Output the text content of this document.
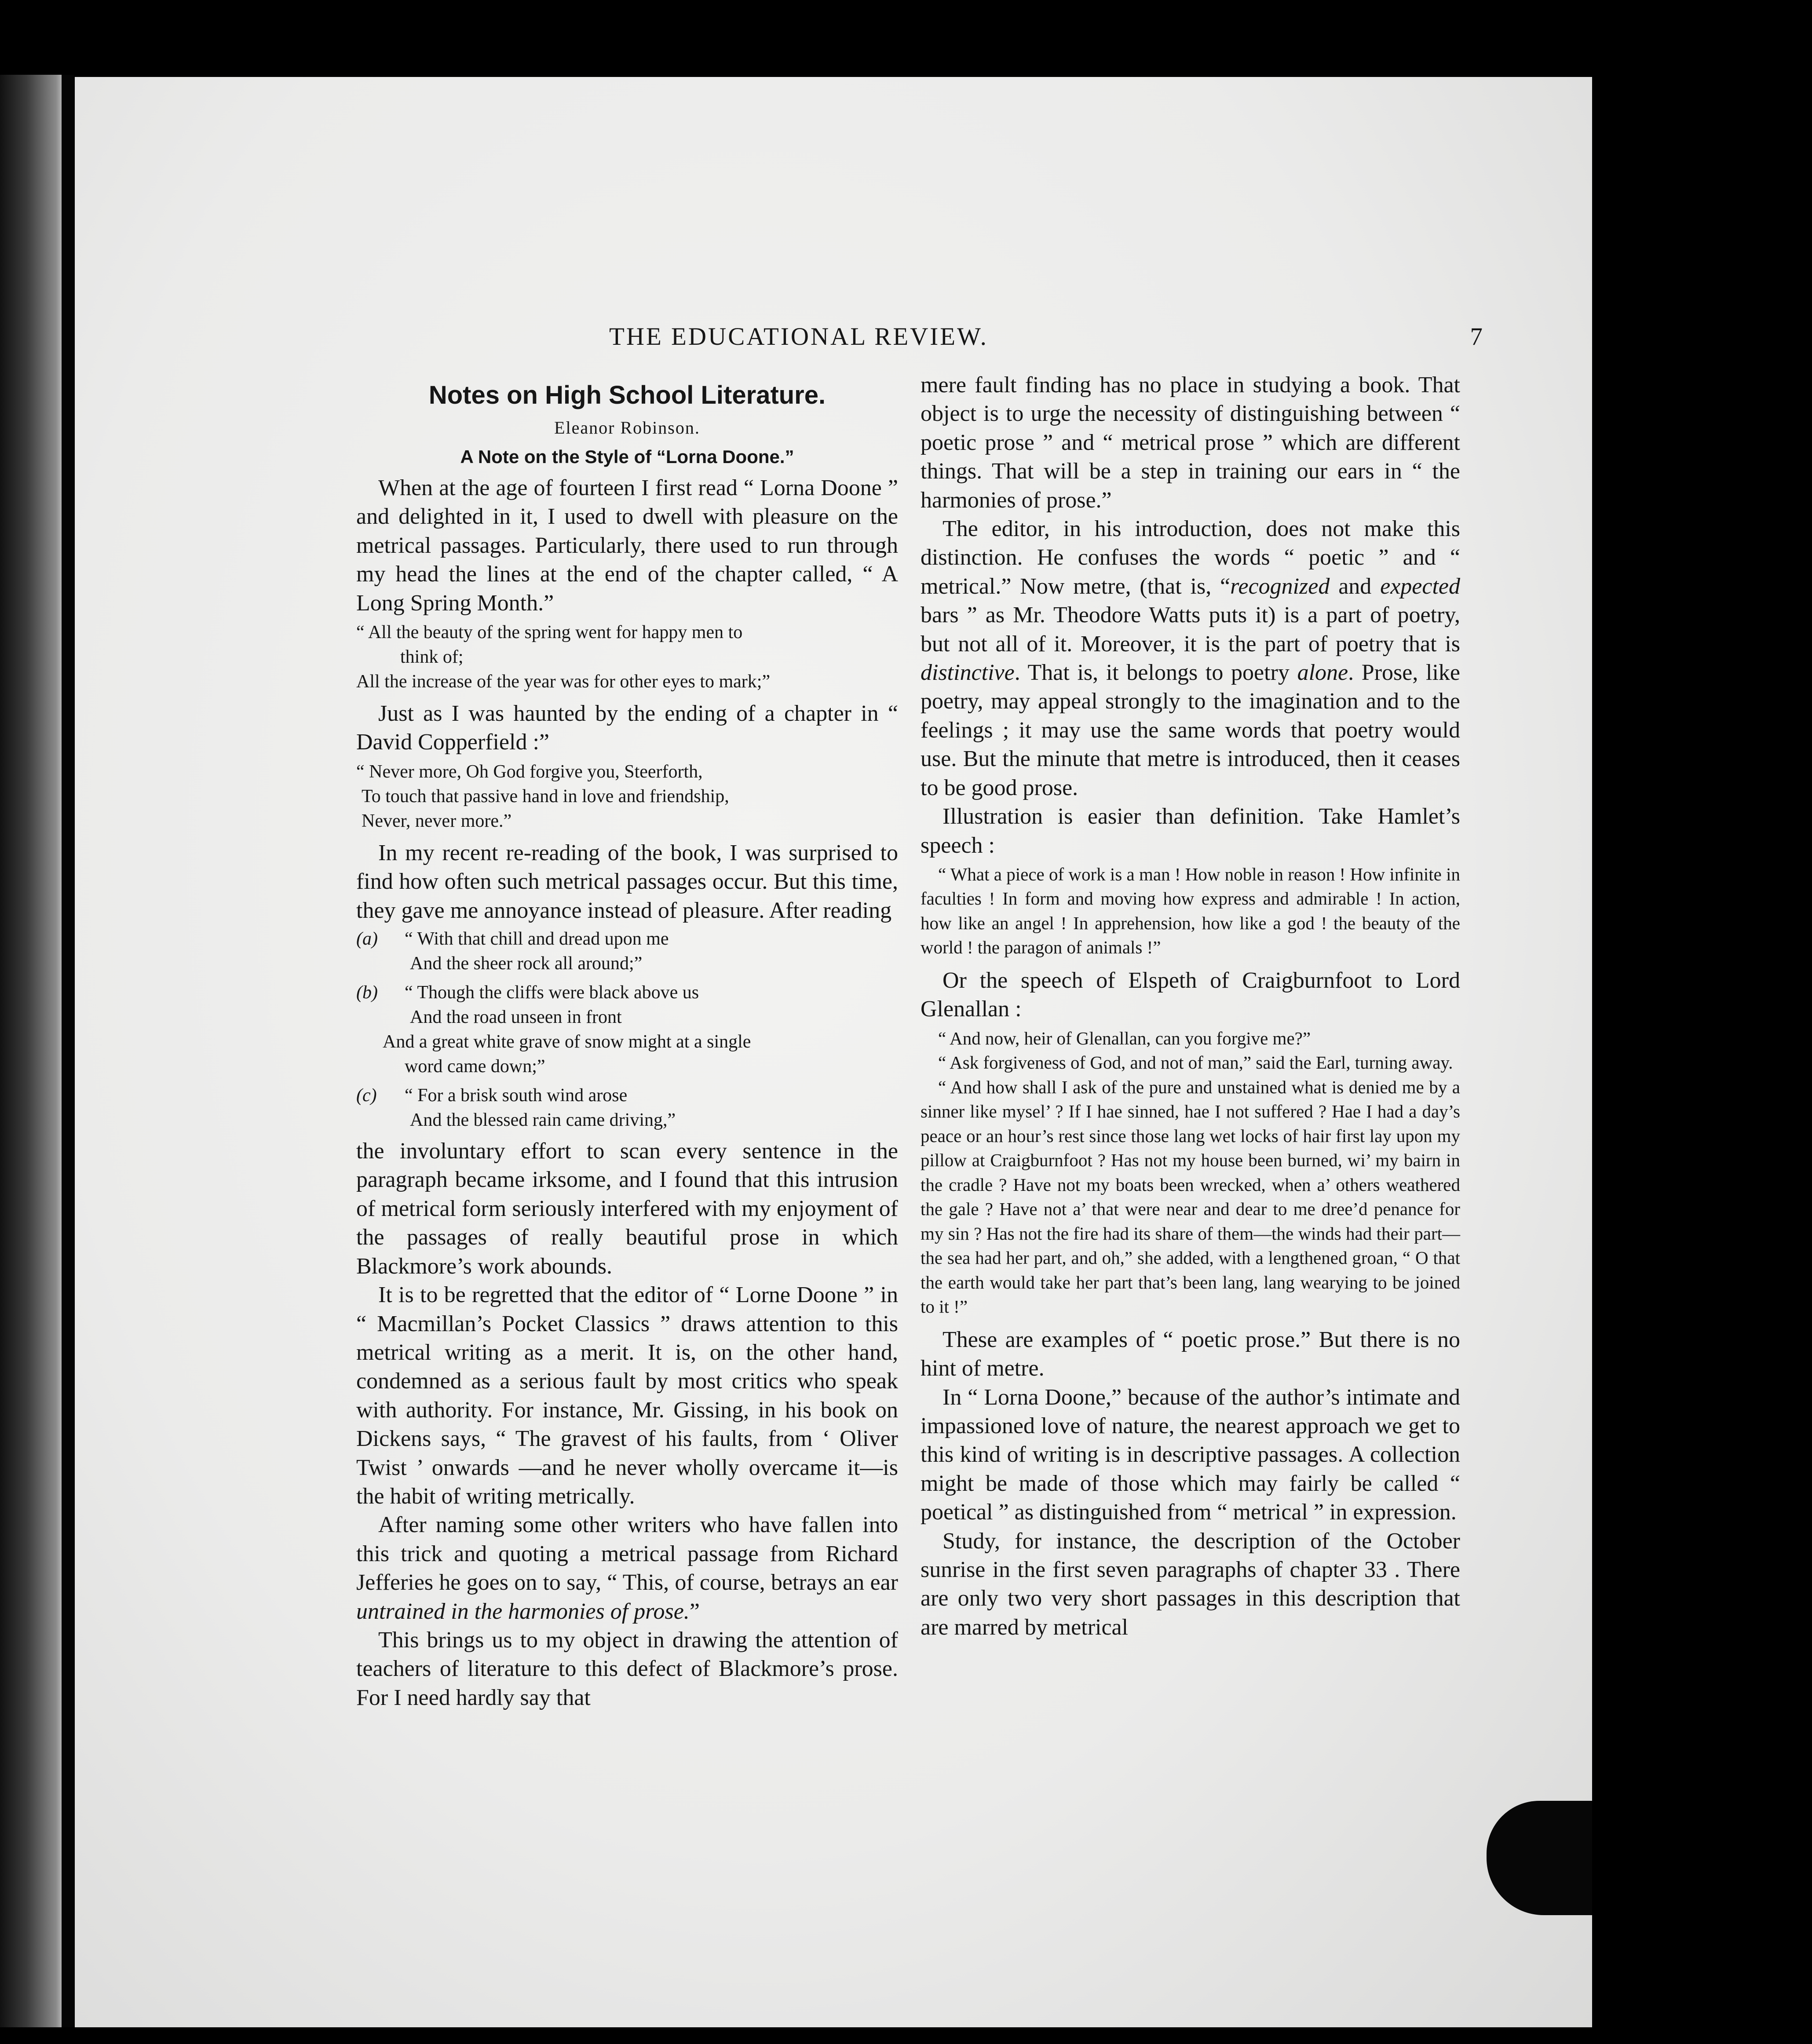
THE EDUCATIONAL REVIEW.	7
Notes on High School Literature.
Eleanor Robinson.
A Note on the Style of “Lorna Doone.”

When at the age of fourteen I first read “ Lorna Doone ” and delighted in it, I used to dwell with pleasure on the metrical passages. Particularly, there used to run through my head the lines at the end of the chapter called, “ A Long Spring Month.”

“ All the beauty of the spring went for happy men to
think of;
All the increase of the year was for other eyes to mark;”

Just as I was haunted by the ending of a chapter in “ David Copperfield :”

“ Never more, Oh God forgive you, Steerforth,
To touch that passive hand in love and friendship,
Never, never more.”

In my recent re-reading of the book, I was surprised to find how often such metrical passages occur. But this time, they gave me annoyance instead of pleasure. After reading

(a)	“ With that chill and dread upon me
And the sheer rock all around;”
(b)	“ Though the cliffs were black above us
And the road unseen in front
And a great white grave of snow might at a single
word came down;”
(c)	“ For a brisk south wind arose
And the blessed rain came driving,”

the involuntary effort to scan every sentence in the paragraph became irksome, and I found that this intrusion of metrical form seriously interfered with my enjoyment of the passages of really beautiful prose in which Blackmore’s work abounds.

It is to be regretted that the editor of “ Lorne Doone ” in “ Macmillan’s Pocket Classics ” draws attention to this metrical writing as a merit. It is, on the other hand, condemned as a serious fault by most critics who speak with authority. For instance, Mr. Gissing, in his book on Dickens says, “ The gravest of his faults, from ‘ Oliver Twist ’ onwards —and he never wholly overcame it—is the habit of writing metrically.

After naming some other writers who have fallen into this trick and quoting a metrical passage from Richard Jefferies he goes on to say, “ This, of course, betrays an ear untrained in the harmonies of prose.”

This brings us to my object in drawing the attention of teachers of literature to this defect of Blackmore’s prose. For I need hardly say that

mere fault finding has no place in studying a book. That object is to urge the necessity of distinguishing between “ poetic prose ” and “ metrical prose ” which are different things. That will be a step in training our ears in “ the harmonies of prose.”

The editor, in his introduction, does not make this distinction. He confuses the words “ poetic ” and “ metrical.” Now metre, (that is, “recognized and expected bars ” as Mr. Theodore Watts puts it) is a part of poetry, but not all of it. Moreover, it is the part of poetry that is distinctive. That is, it belongs to poetry alone. Prose, like poetry, may appeal strongly to the imagination and to the feelings ; it may use the same words that poetry would use. But the minute that metre is introduced, then it ceases to be good prose.

Illustration is easier than definition. Take Hamlet’s speech :

“ What a piece of work is a man ! How noble in reason ! How infinite in faculties ! In form and moving how express and admirable ! In action, how like an angel ! In apprehension, how like a god ! the beauty of the world ! the paragon of animals !”

Or the speech of Elspeth of Craigburnfoot to Lord Glenallan :

“ And now, heir of Glenallan, can you forgive me?”

“ Ask forgiveness of God, and not of man,” said the Earl, turning away.

“ And how shall I ask of the pure and unstained what is denied me by a sinner like mysel’ ? If I hae sinned, hae I not suffered ? Hae I had a day’s peace or an hour’s rest since those lang wet locks of hair first lay upon my pillow at Craigburnfoot ? Has not my house been burned, wi’ my bairn in the cradle ? Have not my boats been wrecked, when a’ others weathered the gale ? Have not a’ that were near and dear to me dree’d penance for my sin ? Has not the fire had its share of them—the winds had their part—the sea had her part, and oh,” she added, with a lengthened groan, “ O that the earth would take her part that’s been lang, lang wearying to be joined to it !”

These are examples of “ poetic prose.” But there is no hint of metre.

In “ Lorna Doone,” because of the author’s intimate and impassioned love of nature, the nearest approach we get to this kind of writing is in descriptive passages. A collection might be made of those which may fairly be called “ poetical ” as distinguished from “ metrical ” in expression.

Study, for instance, the description of the October sunrise in the first seven paragraphs of chapter 33 . There are only two very short passages in this description that are marred by metrical
